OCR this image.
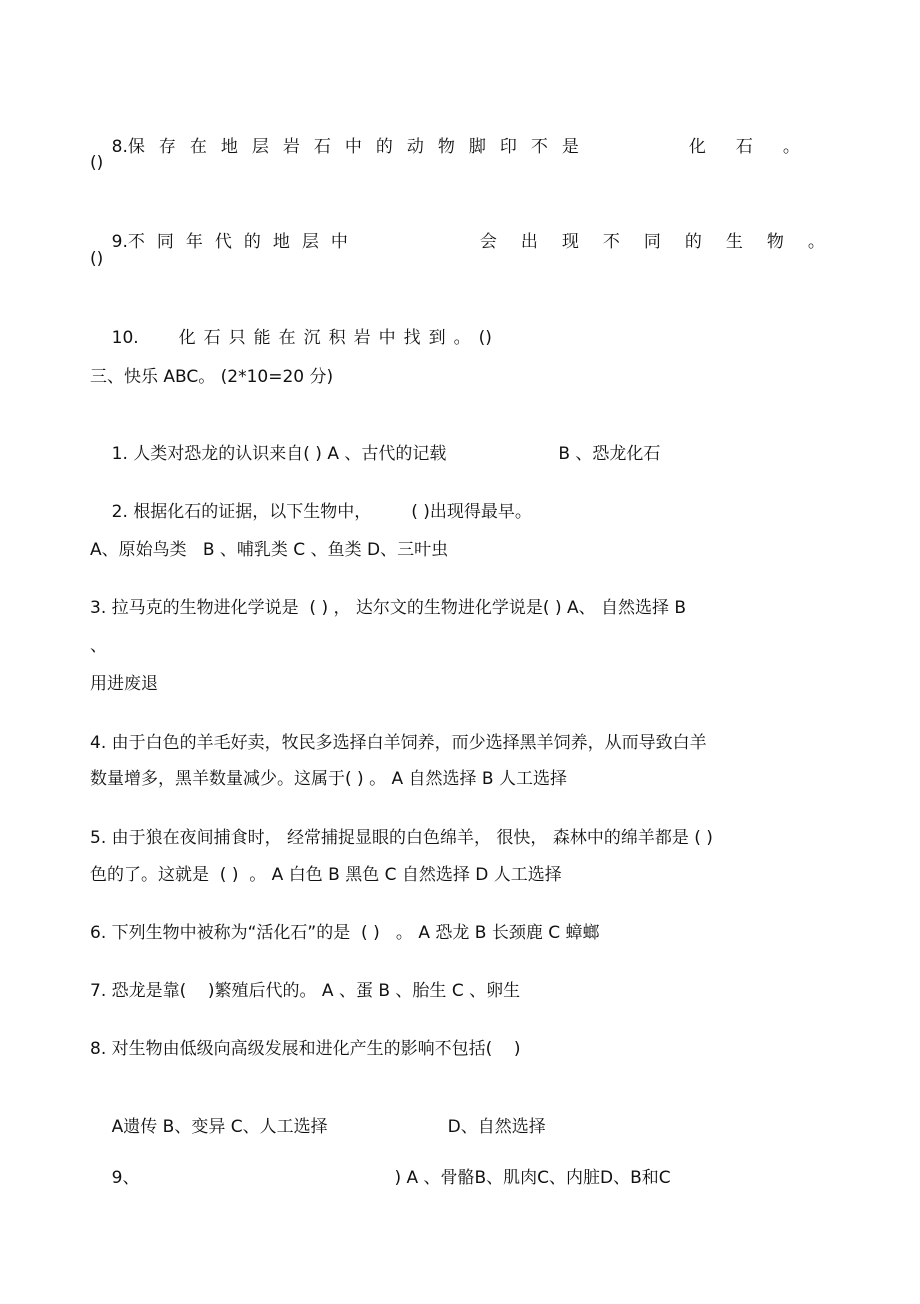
8.保存在地层岩石中的动物脚印不是	化石。

()

9.不同年代的地层中	会出现不同的生物。

()

10. 化石只能在沉积岩中找到。()

三、快乐 ABC。 (2*10=20 分)

1. 人类对恐龙的认识来自( ) A 、古代的记载	B 、恐龙化石

2. 根据化石的证据，以下生物中， ( )出现得最早。

A、原始鸟类   B 、哺乳类 C 、鱼类 D、三叶虫
3. 拉马克的生物进化学说是  ( ) ， 达尔文的生物进化学说是( ) A、 自然选择 B
、
用进废退
4. 由于白色的羊毛好卖，牧民多选择白羊饲养，而少选择黑羊饲养，从而导致白羊
数量增多，黑羊数量减少。这属于( ) 。 A 自然选择 B 人工选择
5. 由于狼在夜间捕食时， 经常捕捉显眼的白色绵羊， 很快， 森林中的绵羊都是 ( )
色的了。这就是  ( )  。 A 白色 B 黑色 C 自然选择 D 人工选择
6. 下列生物中被称为“活化石”的是  ( )   。 A 恐龙 B 长颈鹿 C 蟑螂
7. 恐龙是靠(    )繁殖后代的。 A 、蛋 B 、胎生 C 、卵生
8. 对生物由低级向高级发展和进化产生的影响不包括(    )

A遗传 B、变异 C、人工选择	D、自然选择

9、	) A 、骨骼B、肌肉C、内脏D、B和C
